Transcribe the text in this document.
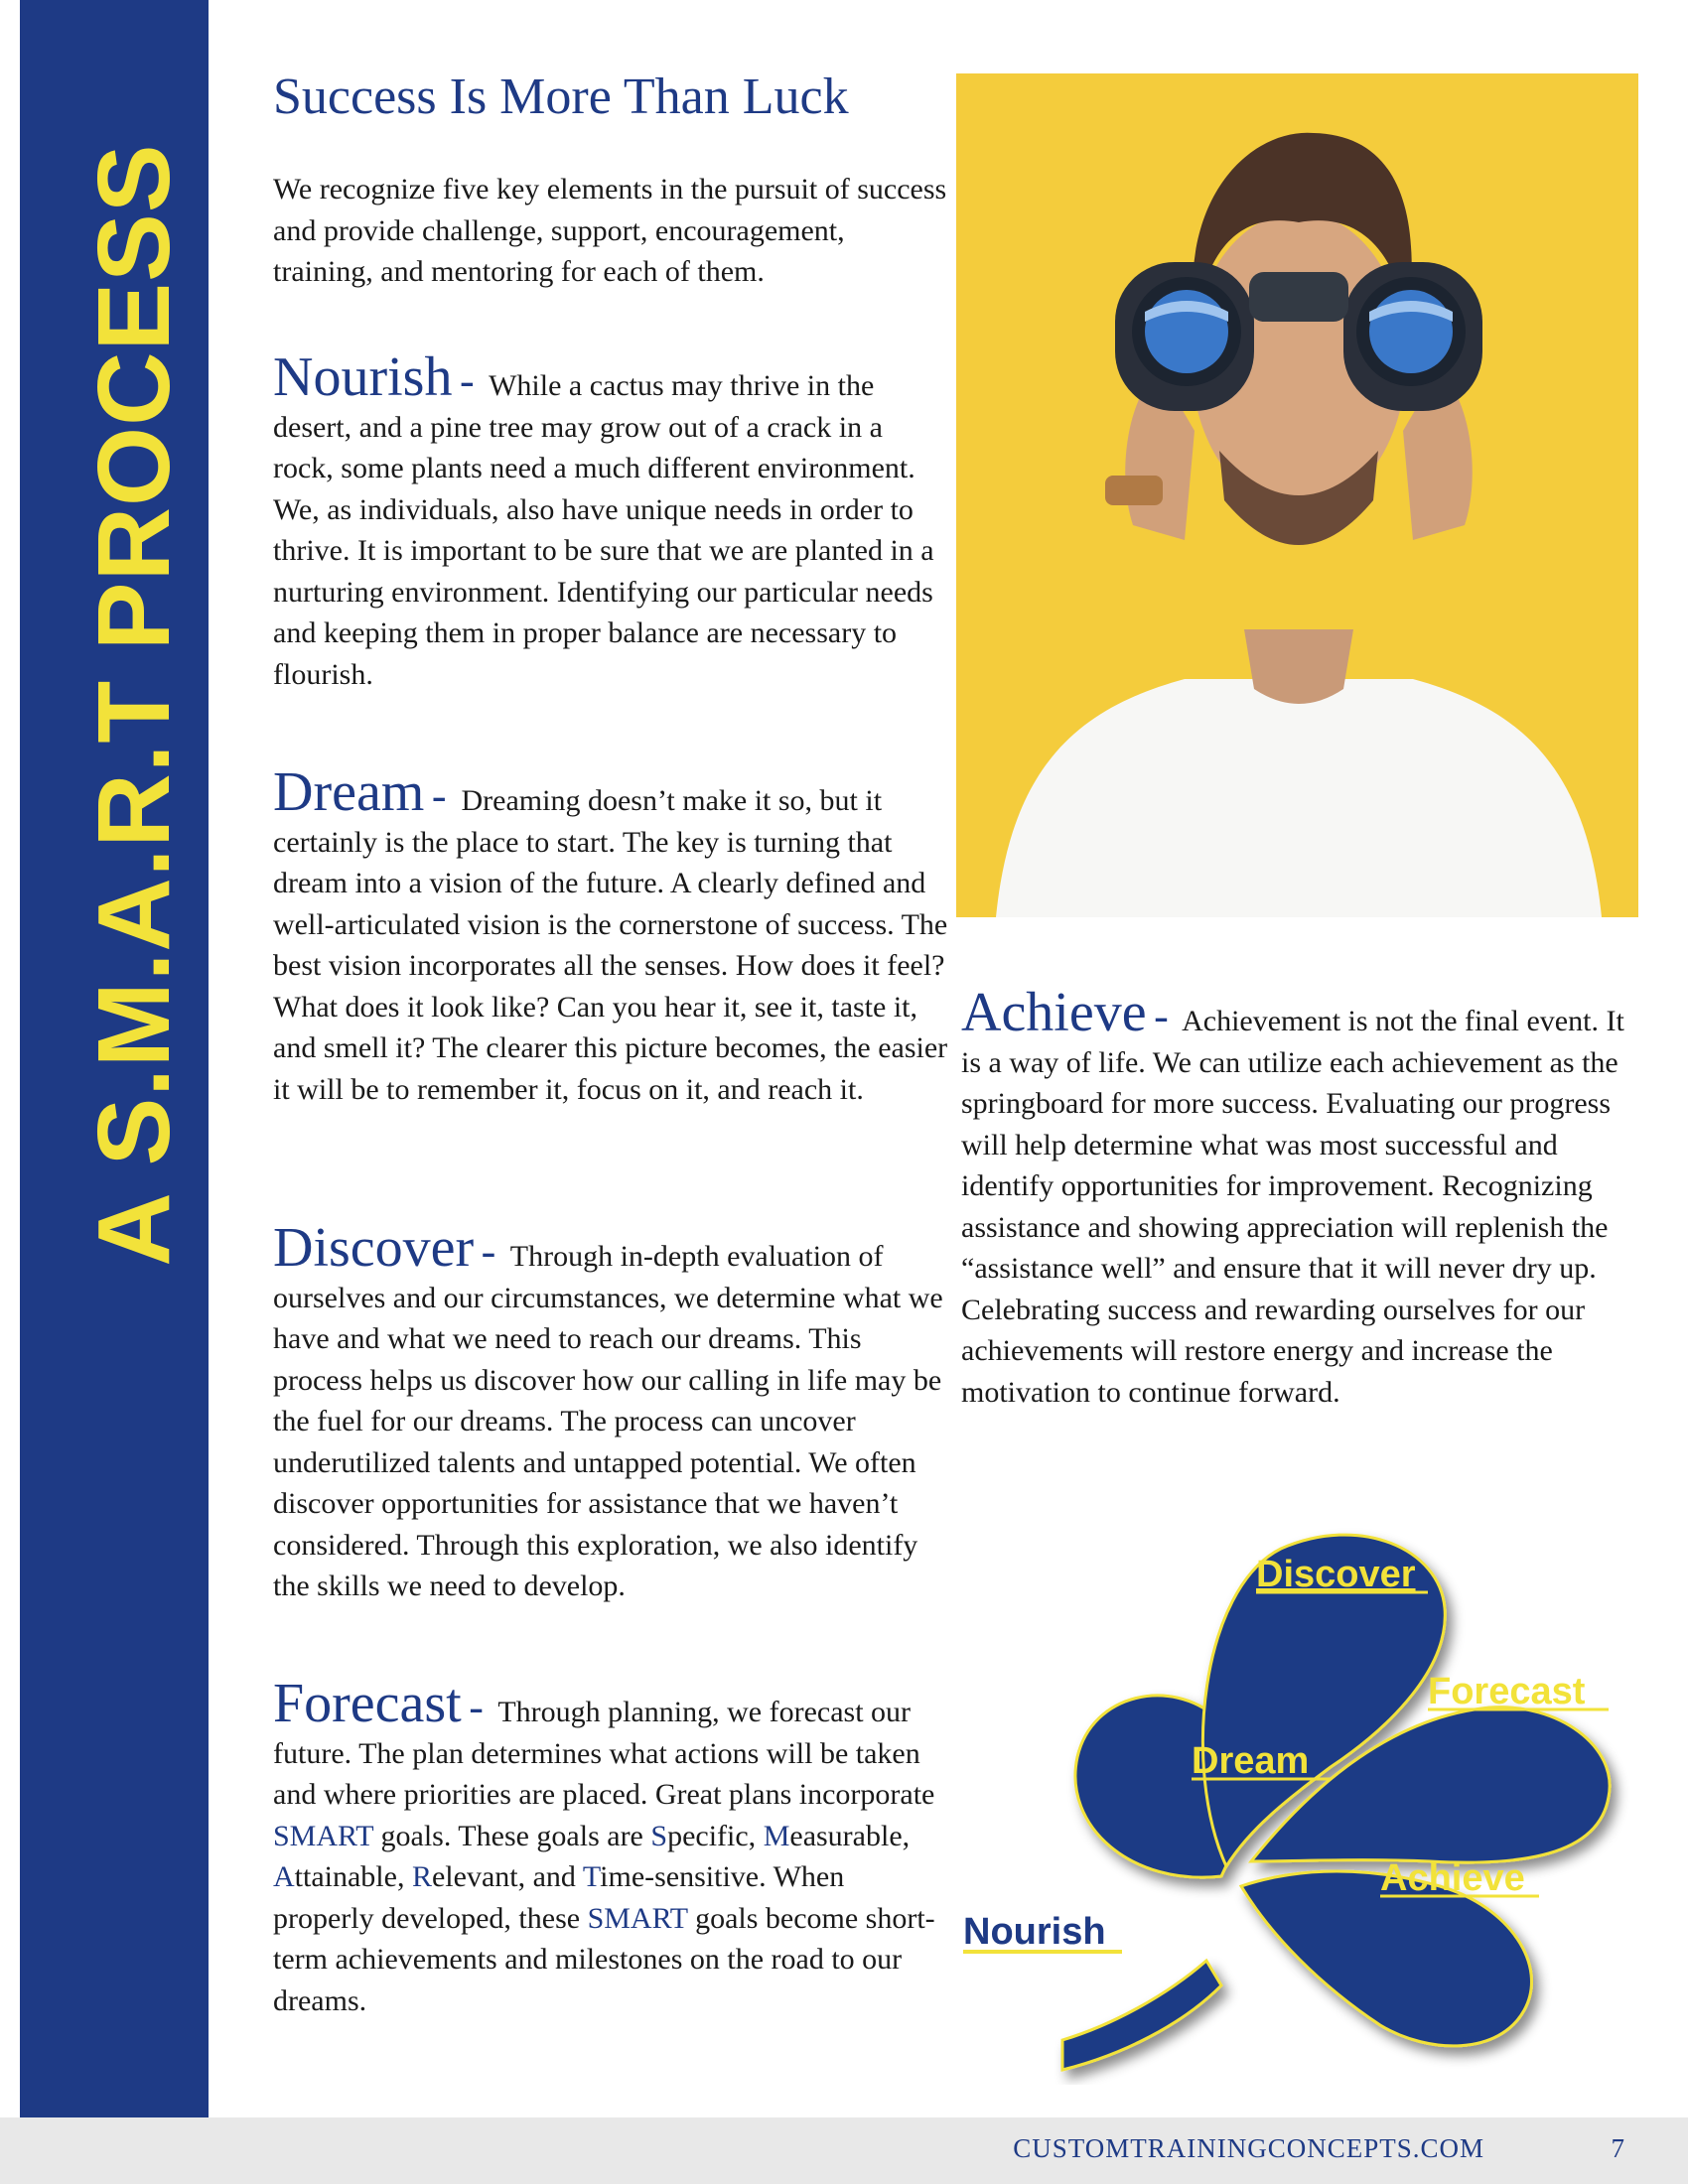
A S.M.A.R.T PROCESS
Success Is More Than Luck

We recognize five key elements in the pursuit of success and provide challenge, support, encouragement, training, and mentoring for each of them.

Nourish - While a cactus may thrive in the desert, and a pine tree may grow out of a crack in a rock, some plants need a much different environment. We, as individuals, also have unique needs in order to thrive. It is important to be sure that we are planted in a nurturing environment. Identifying our particular needs and keeping them in proper balance are necessary to flourish.

Dream - Dreaming doesn’t make it so, but it certainly is the place to start. The key is turning that dream into a vision of the future. A clearly defined and well-articulated vision is the cornerstone of success. The best vision incorporates all the senses. How does it feel? What does it look like? Can you hear it, see it, taste it, and smell it? The clearer this picture becomes, the easier it will be to remember it, focus on it, and reach it.

Discover - Through in-depth evaluation of ourselves and our circumstances, we determine what we have and what we need to reach our dreams. This process helps us discover how our calling in life may be the fuel for our dreams. The process can uncover underutilized talents and untapped potential. We often discover opportunities for assistance that we haven’t considered. Through this exploration, we also identify the skills we need to develop.

Forecast - Through planning, we forecast our future. The plan determines what actions will be taken and where priorities are placed. Great plans incorporate SMART goals. These goals are Specific, Measurable, Attainable, Relevant, and Time-sensitive. When properly developed, these SMART goals become short-term achievements and milestones on the road to our dreams.

Achieve - Achievement is not the final event. It is a way of life. We can utilize each achievement as the springboard for more success. Evaluating our progress will help determine what was most successful and identify opportunities for improvement. Recognizing assistance and showing appreciation will replenish the “assistance well” and ensure that it will never dry up. Celebrating success and rewarding ourselves for our achievements will restore energy and increase the motivation to continue forward.

Discover
Forecast
Dream
Achieve
Nourish
CUSTOMTRAININGCONCEPTS.COM	7
